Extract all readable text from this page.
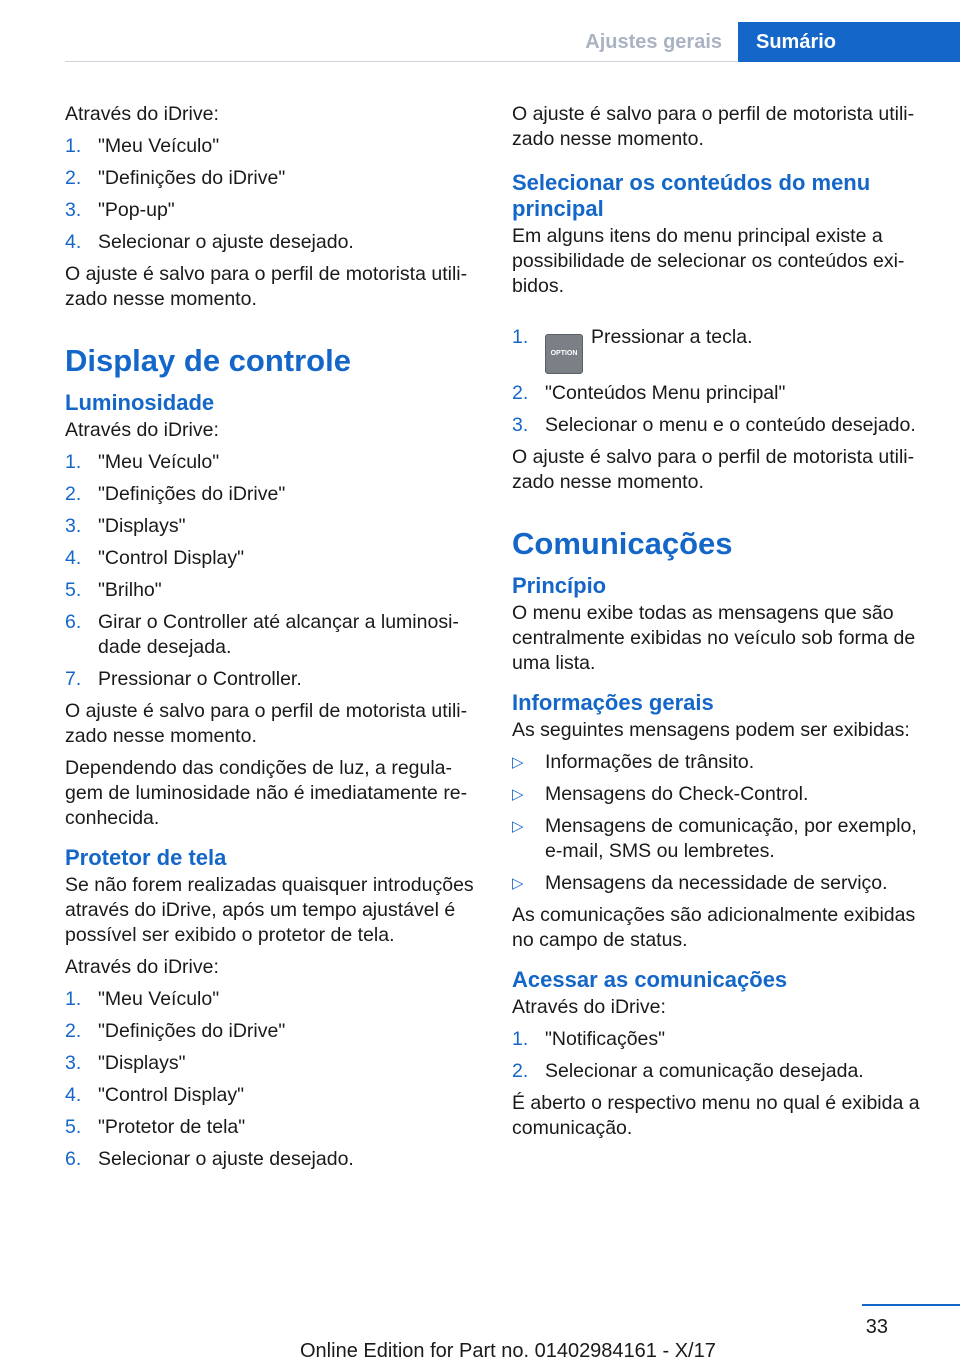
Ajustes gerais	Sumário

Através do iDrive:

1. "Meu Veículo"
2. "Definições do iDrive"
3. "Pop-up"
4. Selecionar o ajuste desejado.

O ajuste é salvo para o perfil de motorista utilizado nesse momento.

Display de controle
Luminosidade

Através do iDrive:

1. "Meu Veículo"
2. "Definições do iDrive"
3. "Displays"
4. "Control Display"
5. "Brilho"
6. Girar o Controller até alcançar a luminosidade desejada.
7. Pressionar o Controller.

O ajuste é salvo para o perfil de motorista utilizado nesse momento.

Dependendo das condições de luz, a regulagem de luminosidade não é imediatamente reconhecida.

Protetor de tela

Se não forem realizadas quaisquer introduções através do iDrive, após um tempo ajustável é possível ser exibido o protetor de tela.

Através do iDrive:

1. "Meu Veículo"
2. "Definições do iDrive"
3. "Displays"
4. "Control Display"
5. "Protetor de tela"
6. Selecionar o ajuste desejado.

O ajuste é salvo para o perfil de motorista utilizado nesse momento.

Selecionar os conteúdos do menu principal

Em alguns itens do menu principal existe a possibilidade de selecionar os conteúdos exibidos.

1.
OPTIONPressionar a tecla.
2. "Conteúdos Menu principal"
3. Selecionar o menu e o conteúdo desejado.

O ajuste é salvo para o perfil de motorista utilizado nesse momento.

Comunicações
Princípio

O menu exibe todas as mensagens que são centralmente exibidas no veículo sob forma de uma lista.

Informações gerais

As seguintes mensagens podem ser exibidas:

▷	Informações de trânsito.
▷	Mensagens do Check-Control.
▷	Mensagens de comunicação, por exemplo, e-mail, SMS ou lembretes.
▷	Mensagens da necessidade de serviço.

As comunicações são adicionalmente exibidas no campo de status.

Acessar as comunicações

Através do iDrive:

1. "Notificações"
2. Selecionar a comunicação desejada.

É aberto o respectivo menu no qual é exibida a comunicação.

33
Online Edition for Part no. 01402984161 - X/17
